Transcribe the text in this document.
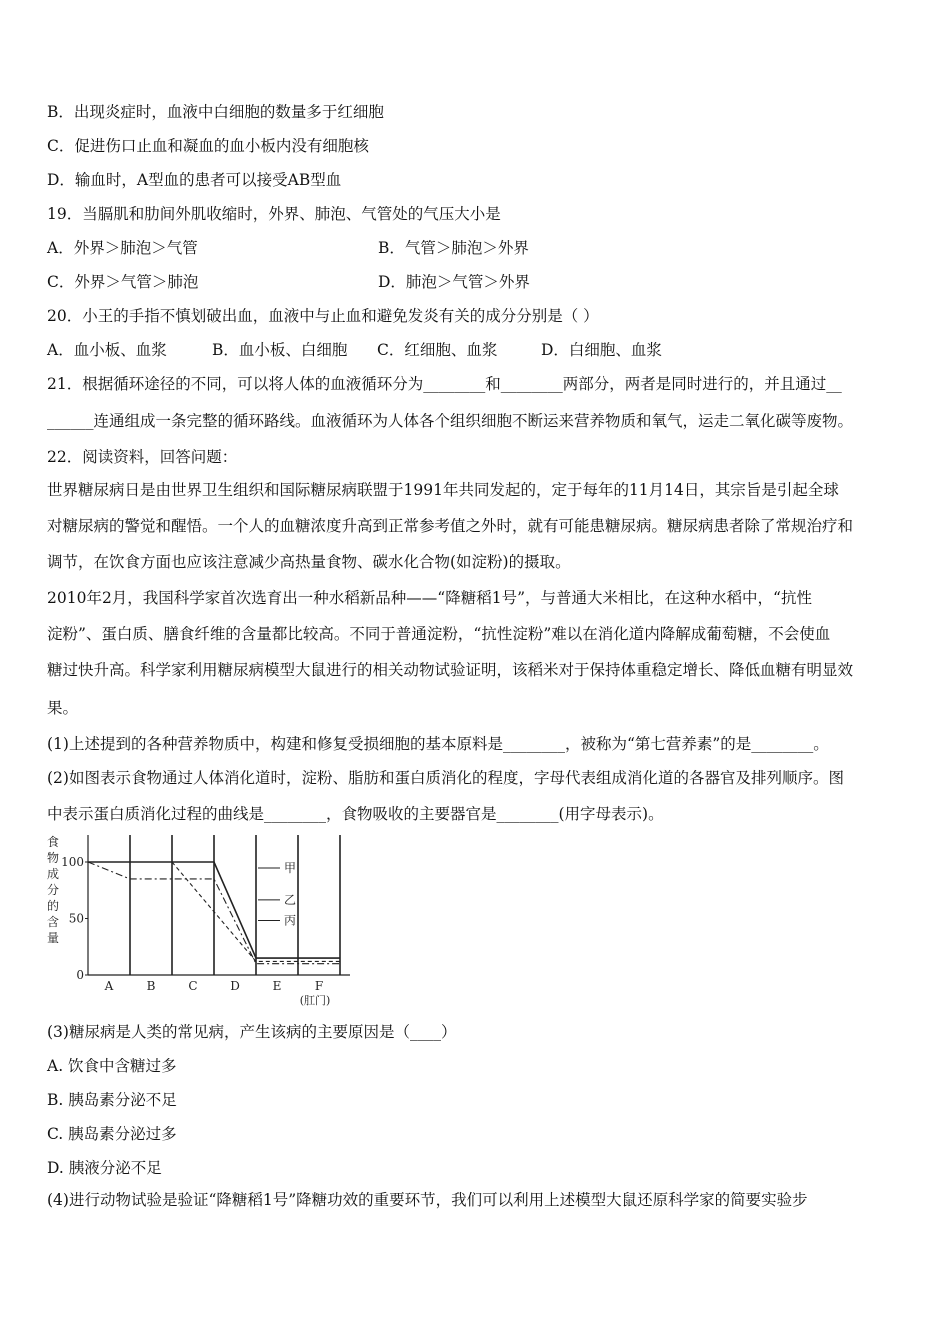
B．出现炎症时，血液中白细胞的数量多于红细胞
C．促进伤口止血和凝血的血小板内没有细胞核
D．输血时，A型血的患者可以接受AB型血
19．当膈肌和肋间外肌收缩时，外界、肺泡、气管处的气压大小是
A．外界＞肺泡＞气管	B．气管＞肺泡＞外界
C．外界＞气管＞肺泡	D．肺泡＞气管＞外界
20．小王的手指不慎划破出血，血液中与止血和避免发炎有关的成分分别是（ ）
A．血小板、血浆	B．血小板、白细胞 C．红细胞、血浆	D．白细胞、血浆
21．根据循环途径的不同，可以将人体的血液循环分为________和________两部分，两者是同时进行的，并且通过__
______连通组成一条完整的循环路线。血液循环为人体各个组织细胞不断运来营养物质和氧气，运走二氧化碳等废物。
22．阅读资料，回答问题：
世界糖尿病日是由世界卫生组织和国际糖尿病联盟于1991年共同发起的，定于每年的11月14日，其宗旨是引起全球
对糖尿病的警觉和醒悟。一个人的血糖浓度升高到正常参考值之外时，就有可能患糖尿病。糖尿病患者除了常规治疗和
调节，在饮食方面也应该注意减少高热量食物、碳水化合物(如淀粉)的摄取。
2010年2月，我国科学家首次选育出一种水稻新品种——“降糖稻1号”，与普通大米相比，在这种水稻中，“抗性
淀粉”、蛋白质、膳食纤维的含量都比较高。不同于普通淀粉，“抗性淀粉”难以在消化道内降解成葡萄糖，不会使血
糖过快升高。科学家利用糖尿病模型大鼠进行的相关动物试验证明，该稻米对于保持体重稳定增长、降低血糖有明显效
果。
(1)上述提到的各种营养物质中，构建和修复受损细胞的基本原料是________，被称为“第七营养素”的是________。
(2)如图表示食物通过人体消化道时，淀粉、脂肪和蛋白质消化的程度，字母代表组成消化道的各器官及排列顺序。图
中表示蛋白质消化过程的曲线是________，食物吸收的主要器官是________(用字母表示)。
食
物
成
分
的
含
量
0
50
100
A	B	C	D	E	F
(肛门)
甲
乙
丙
(3)糖尿病是人类的常见病，产生该病的主要原因是（____）
A. 饮食中含糖过多
B. 胰岛素分泌不足
C. 胰岛素分泌过多
D. 胰液分泌不足
(4)进行动物试验是验证“降糖稻1号”降糖功效的重要环节，我们可以利用上述模型大鼠还原科学家的简要实验步
